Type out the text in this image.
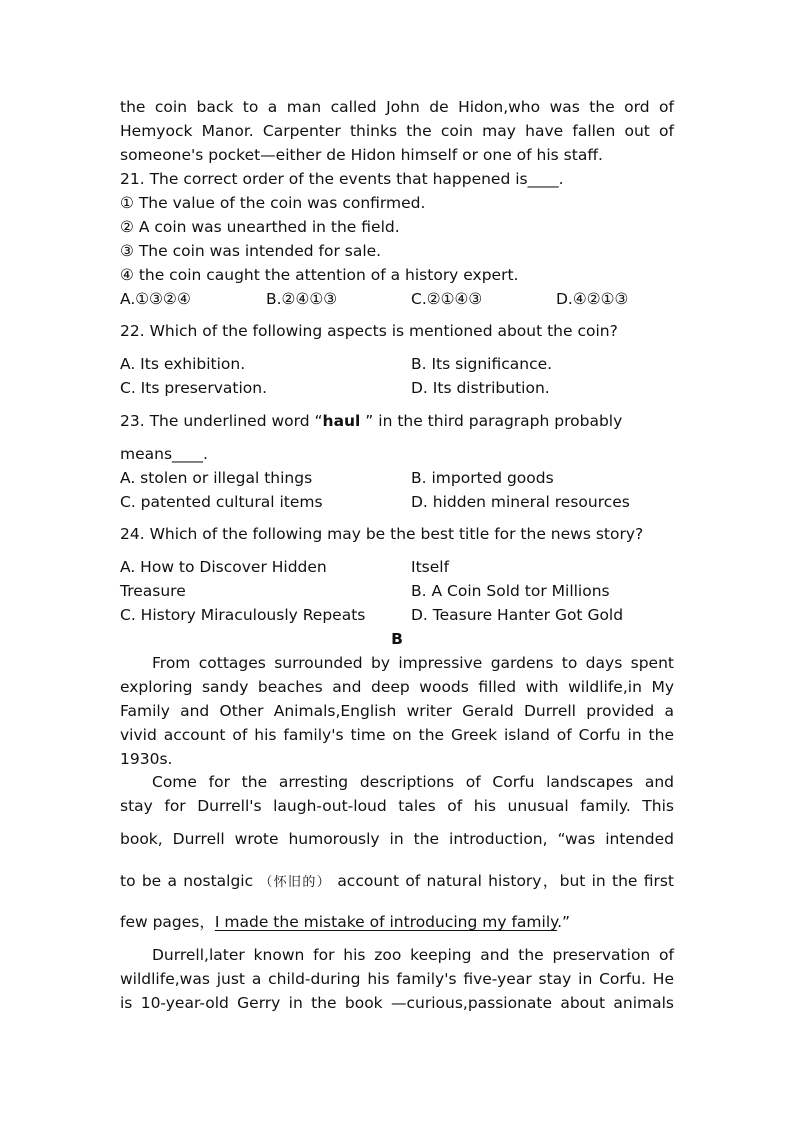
the coin back to a man called John de Hidon,who was the ord of
Hemyock Manor. Carpenter thinks the coin may have fallen out of
someone's pocket—either de Hidon himself or one of his staff.
21. The correct order of the events that happened is____.
① The value of the coin was confirmed.
② A coin was unearthed in the field.
③ The coin was intended for sale.
④ the coin caught the attention of a history expert.
A.①③②④	B.②④①③	C.②①④③	D.④②①③
22. Which of the following aspects is mentioned about the coin?
A. Its exhibition.	B. Its significance.
C. Its preservation.	D. Its distribution.
23. The underlined word “haul ” in the third paragraph probably
means____.
A. stolen or illegal things	B. imported goods
C. patented cultural items	D. hidden mineral resources
24. Which of the following may be the best title for the news story?
A. How to Discover Hidden	Itself
Treasure	B. A Coin Sold tor Millions
C. History Miraculously Repeats	D. Teasure Hanter Got Gold
B
From cottages surrounded by impressive gardens to days spent
exploring sandy beaches and deep woods filled with wildlife,in My
Family and Other Animals,English writer Gerald Durrell provided a
vivid account of his family's time on the Greek island of Corfu in the
1930s.
Come for the arresting descriptions of Corfu landscapes and
stay for Durrell's laugh-out-loud tales of his unusual family. This
book, Durrell wrote humorously in the introduction, “was intended
to be a nostalgic （怀旧的） account of natural history，but in the first
few pages，I made the mistake of introducing my family.”
Durrell,later known for his zoo keeping and the preservation of
wildlife,was just a child-during his family's five-year stay in Corfu. He
is 10-year-old Gerry in the book —curious,passionate about animals
